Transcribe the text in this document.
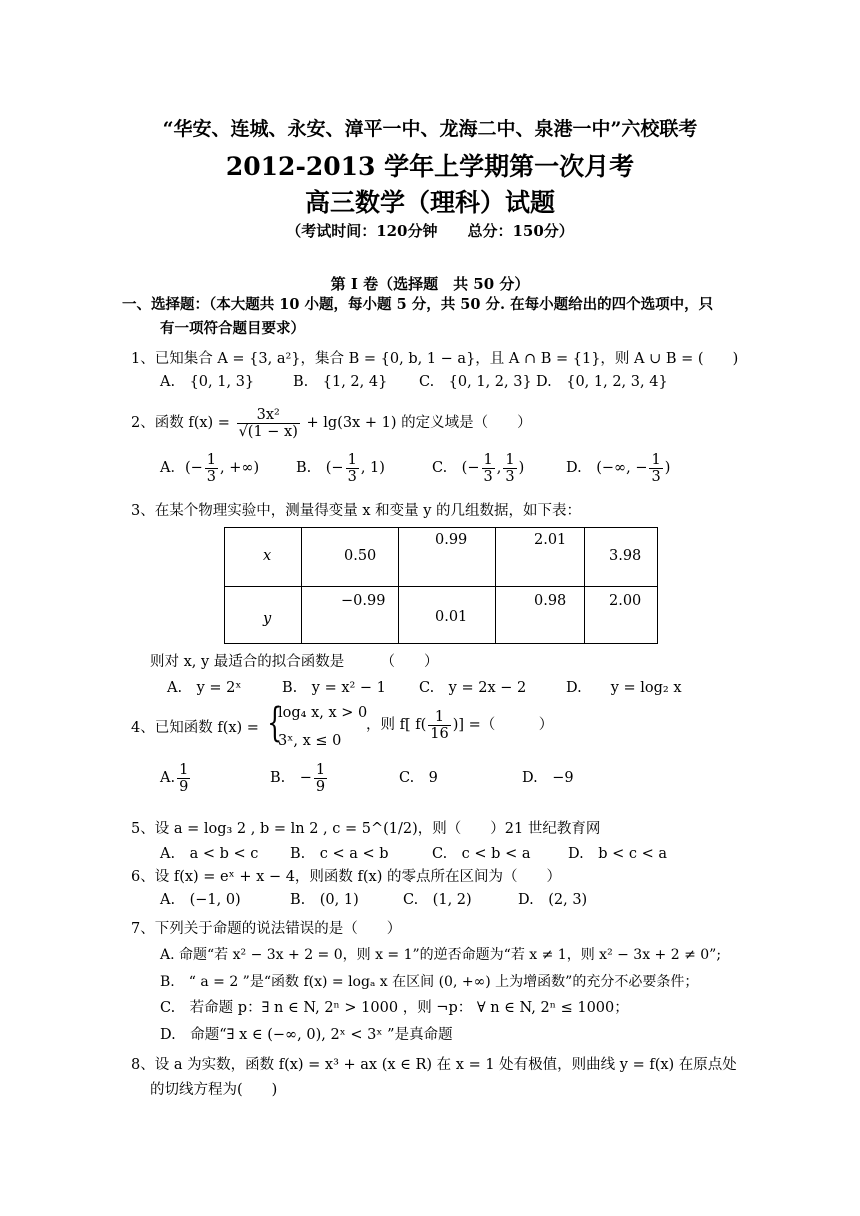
“华安、连城、永安、漳平一中、龙海二中、泉港一中”六校联考
2012-2013 学年上学期第一次月考
高三数学（理科）试题
（考试时间：120分钟　　总分：150分）
第 I 卷（选择题　共 50 分）
一、选择题：（本大题共 10 小题，每小题 5 分，共 50 分. 在每小题给出的四个选项中，只
有一项符合题目要求）
1、已知集合 A = {3, a²}，集合 B = {0, b, 1 − a}，且 A ∩ B = {1}，则 A ∪ B = (　　)
A.　{0, 1, 3}	B.　{1, 2, 4} C.　{0, 1, 2, 3} D.　{0, 1, 2, 3, 4}
2、函数 $f(x) = \frac{\text{3x²}}{√(1 - x)} + \lg(3x + 1)$ 的定义域是（　　）
A．(− $\frac{1}{3}$ , +∞)	B.　(− $\frac{1}{3}$ , 1)	C.　(− $\frac{1}{3}$ , $\frac{1}{3}$ )	D.　(−∞, − $\frac{1}{3}$ )
3、在某个物理实验中，测量得变量 x 和变量 y 的几组数据，如下表：
x	0.50	0.99	2.01	3.98

y	−0.99	0.01	0.98	2.00
则对 x, y 最适合的拟合函数是　　　（　　）
A.　y = 2ˣ	B.　y = x² − 1 C.　y = 2x − 2	D.　　y = log₂ x
4、已知函数 f(x) = {
log₄ x, x > 0
3ˣ, x ≤ 0
，则 f[ $f( \frac{1}{16}$ )] =（　　　）
A. $\frac{1}{9}$	B.　− $\frac{1}{9}$	C.　9	D.　−9
5、设 a = log₃ 2 , b = ln 2 , c = 5^(1/2)，则（　　）21 世纪教育网
A.　a < b < c B.　c < a < b	C.　c < b < a	D.　b < c < a
6、设 f(x) = eˣ + x − 4，则函数 f(x) 的零点所在区间为（　　）
A.　(−1, 0)	B.　(0, 1)	C.　(1, 2)	D.　(2, 3)
7、下列关于命题的说法错误的是（　　）
A. 命题“若 x² − 3x + 2 = 0，则 x = 1”的逆否命题为“若 x ≠ 1，则 x² − 3x + 2 ≠ 0”;
B.　“ a = 2 ”是“函数 f(x) = logₐ x 在区间 (0, +∞) 上为增函数”的充分不必要条件；
C.　若命题 p：∃ n ∈ N, 2ⁿ > 1000 ，则 ¬p： ∀ n ∈ N, 2ⁿ ≤ 1000；
D.　命题“∃ x ∈ (−∞, 0), 2ˣ < 3ˣ ”是真命题
8、设 a 为实数，函数 f(x) = x³ + ax (x ∈ R) 在 x = 1 处有极值，则曲线 y = f(x) 在原点处
的切线方程为(　　)
